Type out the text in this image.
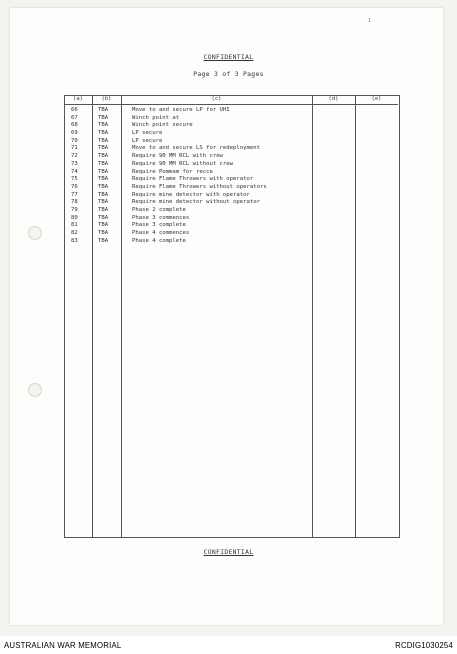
1
CONFIDENTIAL
Page 3 of 3 Pages
(a)	(b)	(c)	(d)	(e)
66	TBA	Move to and secure LP for UHI
67	TBA	Winch point at
68	TBA	Winch point secure
69	TBA	LP secure
70	TBA	LP secure
71	TBA	Move to and secure LS for redeployment
72	TBA	Require 90 MM RCL with crew
73	TBA	Require 90 MM RCL without crew
74	TBA	Require Pommam for recce
75	TBA	Require Flame Throwers with operator
76	TBA	Require Flame Throwers without operators
77	TBA	Require mine detector with operator
78	TBA	Require mine detector without operator
79	TBA	Phase 2 complete
80	TBA	Phase 3 commences
81	TBA	Phase 3 complete
82	TBA	Phase 4 commences
83	TBA	Phase 4 complete
CONFIDENTIAL
AUSTRALIAN WAR MEMORIAL	RCDIG1030254
